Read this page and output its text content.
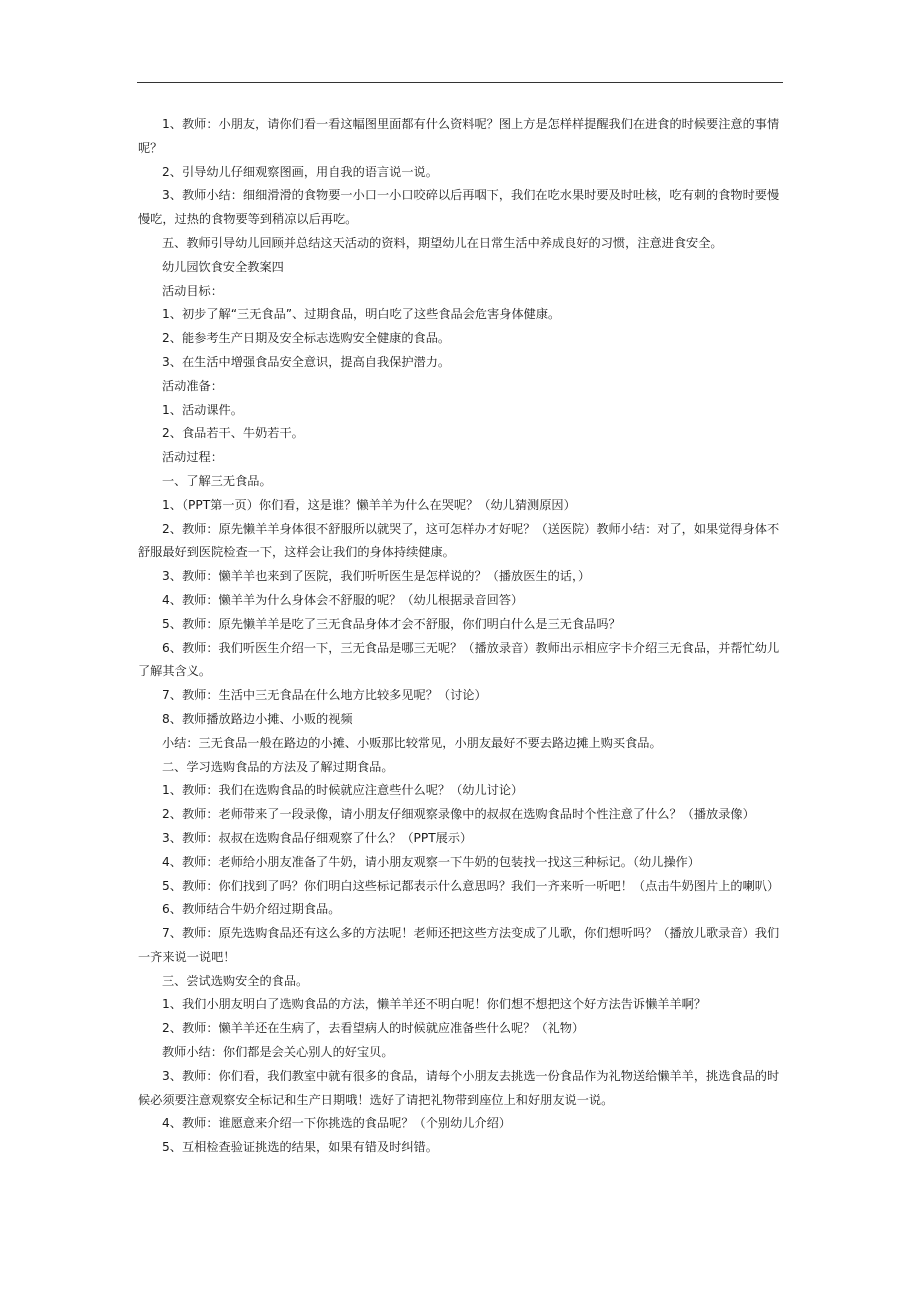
1、教师：小朋友，请你们看一看这幅图里面都有什么资料呢？图上方是怎样样提醒我们在进食的时候要注意的事情呢？

2、引导幼儿仔细观察图画，用自我的语言说一说。

3、教师小结：细细滑滑的食物要一小口一小口咬碎以后再咽下，我们在吃水果时要及时吐核，吃有刺的食物时要慢慢吃，过热的食物要等到稍凉以后再吃。

五、教师引导幼儿回顾并总结这天活动的资料，期望幼儿在日常生活中养成良好的习惯，注意进食安全。

幼儿园饮食安全教案四

活动目标：

1、初步了解“三无食品”、过期食品，明白吃了这些食品会危害身体健康。

2、能参考生产日期及安全标志选购安全健康的食品。

3、在生活中增强食品安全意识，提高自我保护潜力。

活动准备：

1、活动课件。

2、食品若干、牛奶若干。

活动过程：

一、了解三无食品。

1、（PPT第一页）你们看，这是谁？懒羊羊为什么在哭呢？（幼儿猜测原因）

2、教师：原先懒羊羊身体很不舒服所以就哭了，这可怎样办才好呢？（送医院）教师小结：对了，如果觉得身体不舒服最好到医院检查一下，这样会让我们的身体持续健康。

3、教师：懒羊羊也来到了医院，我们听听医生是怎样说的？（播放医生的话，）

4、教师：懒羊羊为什么身体会不舒服的呢？（幼儿根据录音回答）

5、教师：原先懒羊羊是吃了三无食品身体才会不舒服，你们明白什么是三无食品吗？

6、教师：我们听医生介绍一下，三无食品是哪三无呢？（播放录音）教师出示相应字卡介绍三无食品，并帮忙幼儿了解其含义。

7、教师：生活中三无食品在什么地方比较多见呢？（讨论）

8、教师播放路边小摊、小贩的视频

小结：三无食品一般在路边的小摊、小贩那比较常见，小朋友最好不要去路边摊上购买食品。

二、学习选购食品的方法及了解过期食品。

1、教师：我们在选购食品的时候就应注意些什么呢？（幼儿讨论）

2、教师：老师带来了一段录像，请小朋友仔细观察录像中的叔叔在选购食品时个性注意了什么？（播放录像）

3、教师：叔叔在选购食品仔细观察了什么？（PPT展示）

4、教师：老师给小朋友准备了牛奶，请小朋友观察一下牛奶的包装找一找这三种标记。（幼儿操作）

5、教师：你们找到了吗？你们明白这些标记都表示什么意思吗？我们一齐来听一听吧！（点击牛奶图片上的喇叭）

6、教师结合牛奶介绍过期食品。

7、教师：原先选购食品还有这么多的方法呢！老师还把这些方法变成了儿歌，你们想听吗？（播放儿歌录音）我们一齐来说一说吧！

三、尝试选购安全的食品。

1、我们小朋友明白了选购食品的方法，懒羊羊还不明白呢！你们想不想把这个好方法告诉懒羊羊啊？

2、教师：懒羊羊还在生病了，去看望病人的时候就应准备些什么呢？（礼物）

教师小结：你们都是会关心别人的好宝贝。

3、教师：你们看，我们教室中就有很多的食品，请每个小朋友去挑选一份食品作为礼物送给懒羊羊，挑选食品的时候必须要注意观察安全标记和生产日期哦！选好了请把礼物带到座位上和好朋友说一说。

4、教师：谁愿意来介绍一下你挑选的食品呢？（个别幼儿介绍）

5、互相检查验证挑选的结果，如果有错及时纠错。
